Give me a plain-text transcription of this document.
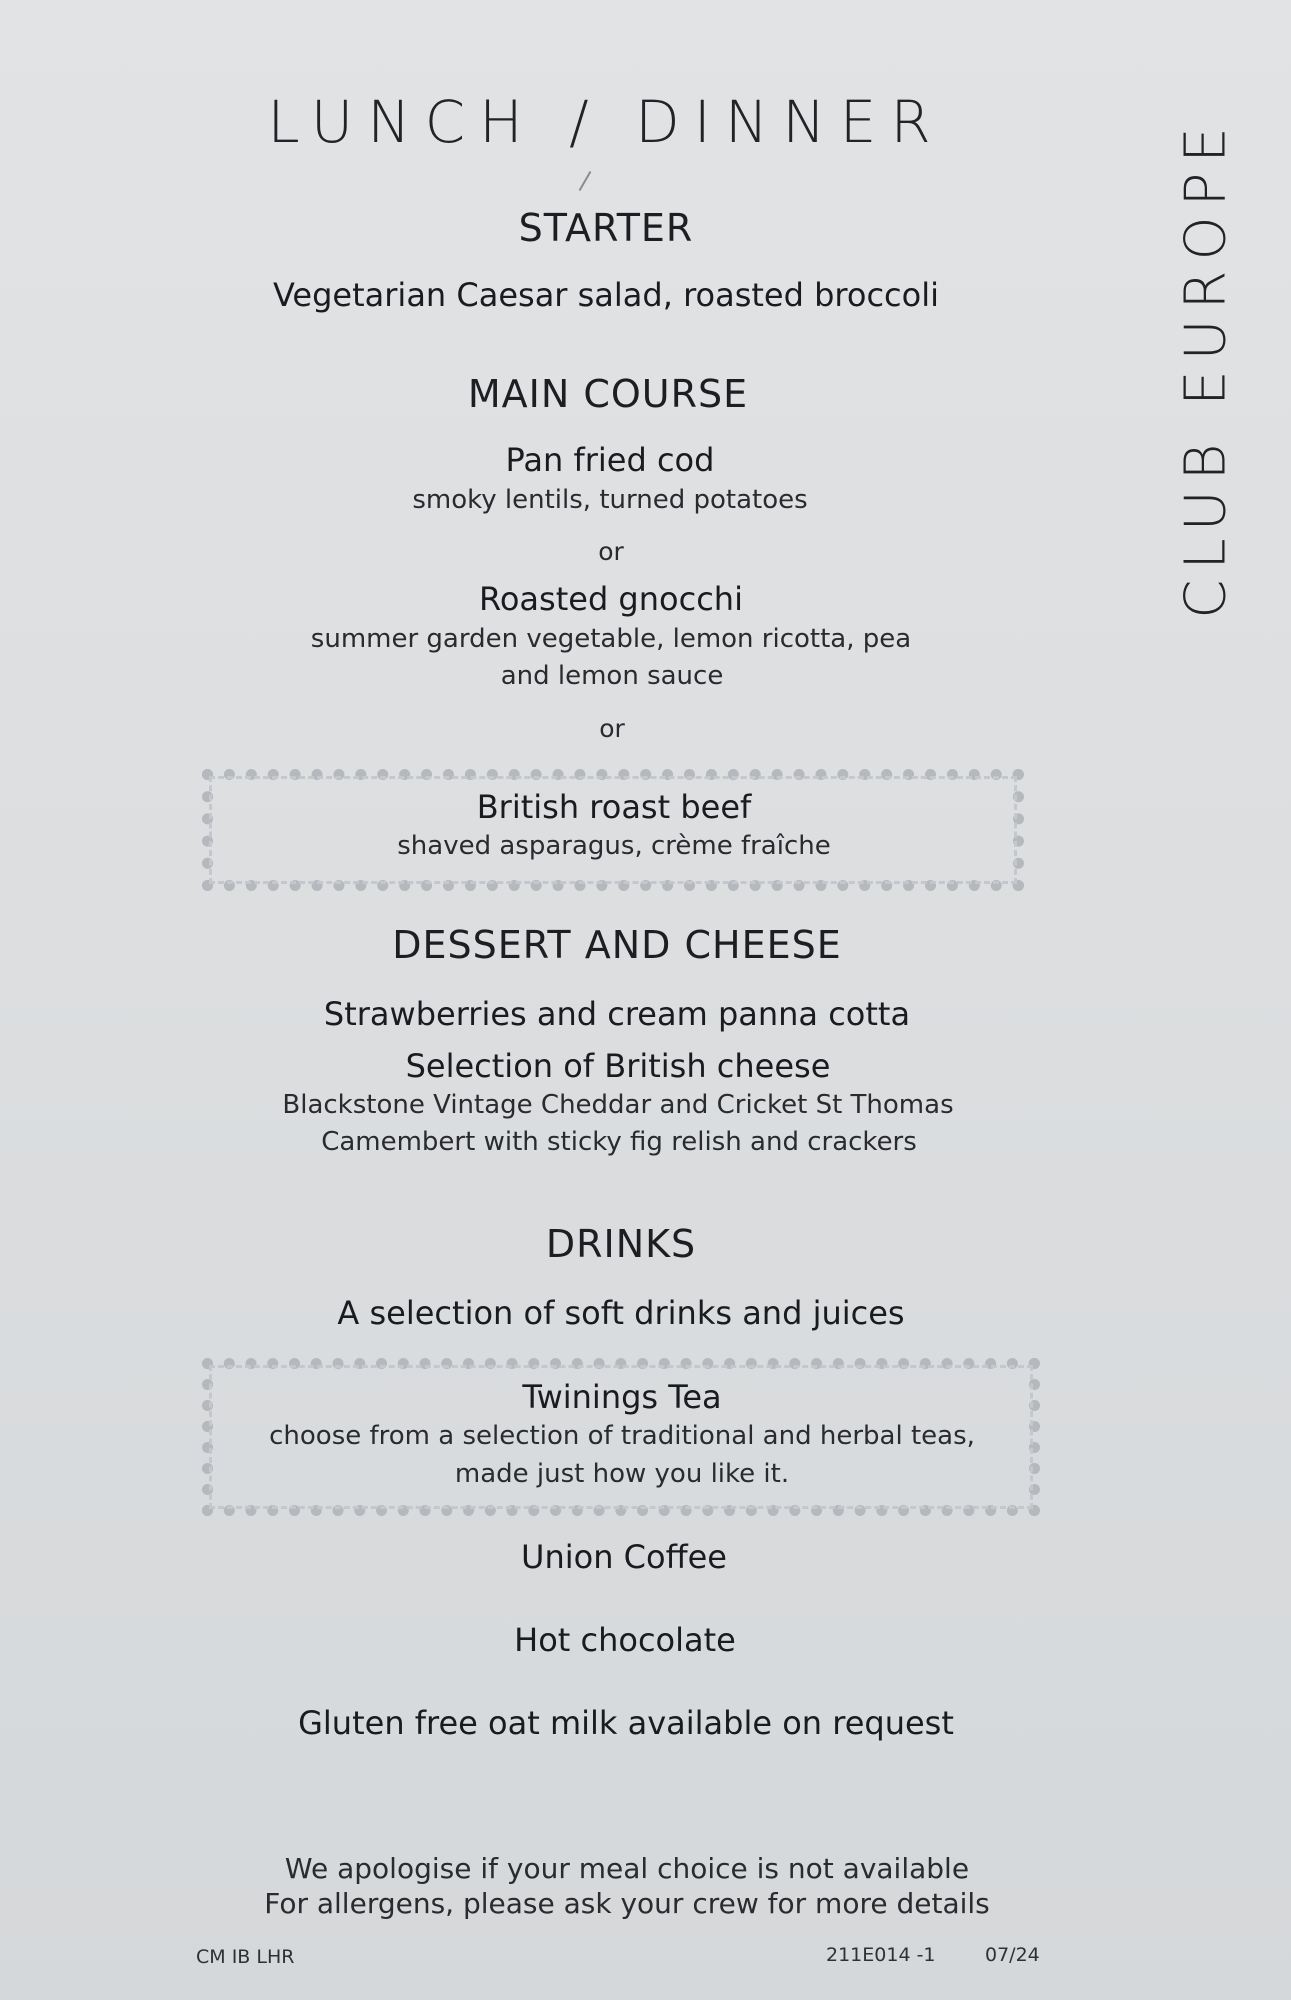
LUNCH / DINNER	CLUB EUROPE
STARTER
Vegetarian Caesar salad, roasted broccoli
MAIN COURSE
Pan fried cod
smoky lentils, turned potatoes
or
Roasted gnocchi
summer garden vegetable, lemon ricotta, pea
and lemon sauce
or
British roast beef
shaved asparagus, crème fraîche
DESSERT AND CHEESE
Strawberries and cream panna cotta
Selection of British cheese
Blackstone Vintage Cheddar and Cricket St Thomas
Camembert with sticky fig relish and crackers
DRINKS
A selection of soft drinks and juices
Twinings Tea
choose from a selection of traditional and herbal teas,
made just how you like it.
Union Coffee
Hot chocolate
Gluten free oat milk available on request
We apologise if your meal choice is not available
For allergens, please ask your crew for more details
CM IB LHR	211E014 -1	07/24
